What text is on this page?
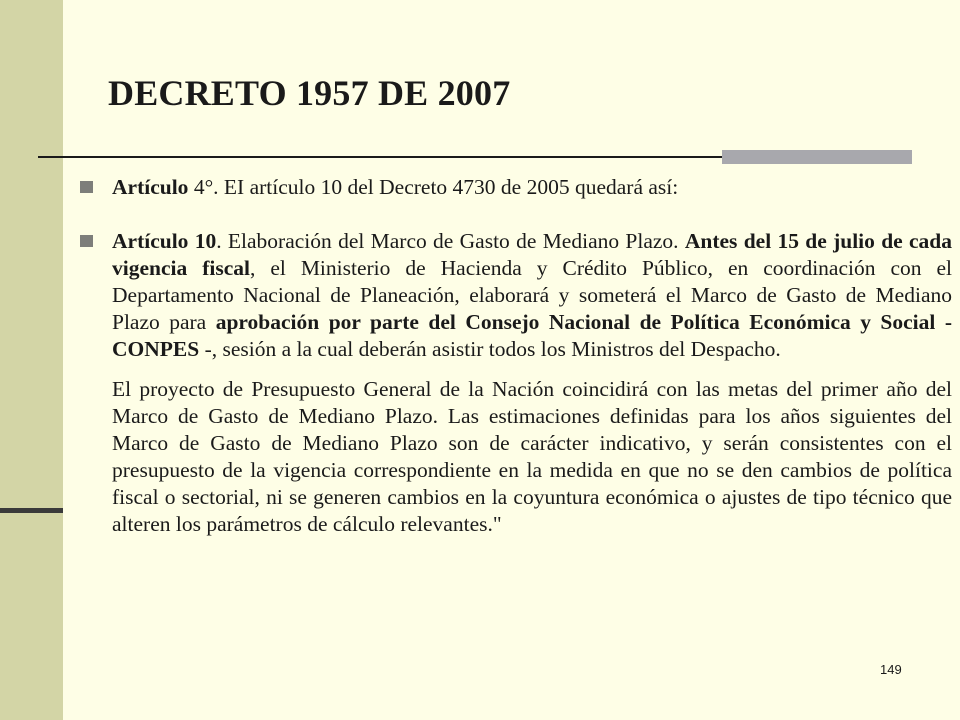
DECRETO 1957 DE 2007

Artículo 4°. EI artículo 10 del Decreto 4730 de 2005 quedará así:

Artículo 10. Elaboración del Marco de Gasto de Mediano Plazo. Antes del 15 de julio de cada vigencia fiscal, el Ministerio de Hacienda y Crédito Público, en coordinación con el Departamento Nacional de Planeación, elaborará y someterá el Marco de Gasto de Mediano Plazo para aprobación por parte del Consejo Nacional de Política Económica y Social - CONPES -, sesión a la cual deberán asistir todos los Ministros del Despacho.

El proyecto de Presupuesto General de la Nación coincidirá con las metas del primer año del Marco de Gasto de Mediano Plazo. Las estimaciones definidas para los años siguientes del Marco de Gasto de Mediano Plazo son de carácter indicativo, y serán consistentes con el presupuesto de la vigencia correspondiente en la medida en que no se den cambios de política fiscal o sectorial, ni se generen cambios en la coyuntura económica o ajustes de tipo técnico que alteren los parámetros de cálculo relevantes."

149
